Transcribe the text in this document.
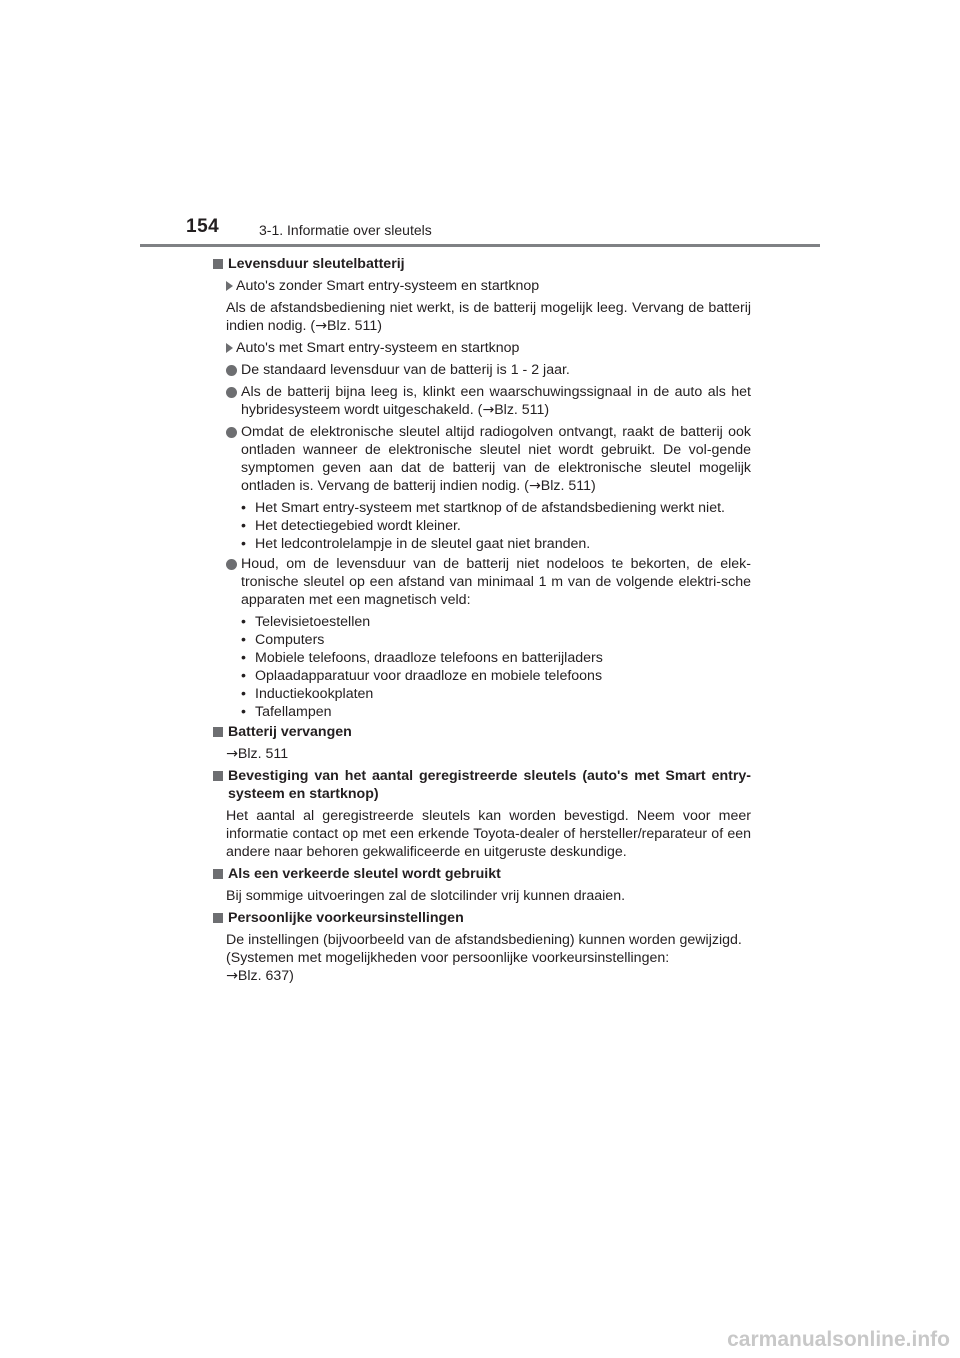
154	3-1. Informatie over sleutels
Levensduur sleutelbatterij
Auto's zonder Smart entry-systeem en startknop
Als de afstandsbediening niet werkt, is de batterij mogelijk leeg. Vervang de batterij indien nodig. (→Blz. 511)
Auto's met Smart entry-systeem en startknop
De standaard levensduur van de batterij is 1 - 2 jaar.
Als de batterij bijna leeg is, klinkt een waarschuwingssignaal in de auto als het hybridesysteem wordt uitgeschakeld. (→Blz. 511)
Omdat de elektronische sleutel altijd radiogolven ontvangt, raakt de batterij ook ontladen wanneer de elektronische sleutel niet wordt gebruikt. De vol-gende symptomen geven aan dat de batterij van de elektronische sleutel mogelijk ontladen is. Vervang de batterij indien nodig. (→Blz. 511)
• Het Smart entry-systeem met startknop of de afstandsbediening werkt niet.
• Het detectiegebied wordt kleiner.
• Het ledcontrolelampje in de sleutel gaat niet branden.
Houd, om de levensduur van de batterij niet nodeloos te bekorten, de elek-tronische sleutel op een afstand van minimaal 1 m van de volgende elektri-sche apparaten met een magnetisch veld:
• Televisietoestellen
• Computers
• Mobiele telefoons, draadloze telefoons en batterijladers
• Oplaadapparatuur voor draadloze en mobiele telefoons
• Inductiekookplaten
• Tafellampen
Batterij vervangen
→Blz. 511
Bevestiging van het aantal geregistreerde sleutels (auto's met Smart entry-systeem en startknop)
Het aantal al geregistreerde sleutels kan worden bevestigd. Neem voor meer informatie contact op met een erkende Toyota-dealer of hersteller/reparateur of een andere naar behoren gekwalificeerde en uitgeruste deskundige.
Als een verkeerde sleutel wordt gebruikt
Bij sommige uitvoeringen zal de slotcilinder vrij kunnen draaien.
Persoonlijke voorkeursinstellingen
De instellingen (bijvoorbeeld van de afstandsbediening) kunnen worden gewijzigd.
(Systemen met mogelijkheden voor persoonlijke voorkeursinstellingen:
→Blz. 637)
carmanualsonline.info
